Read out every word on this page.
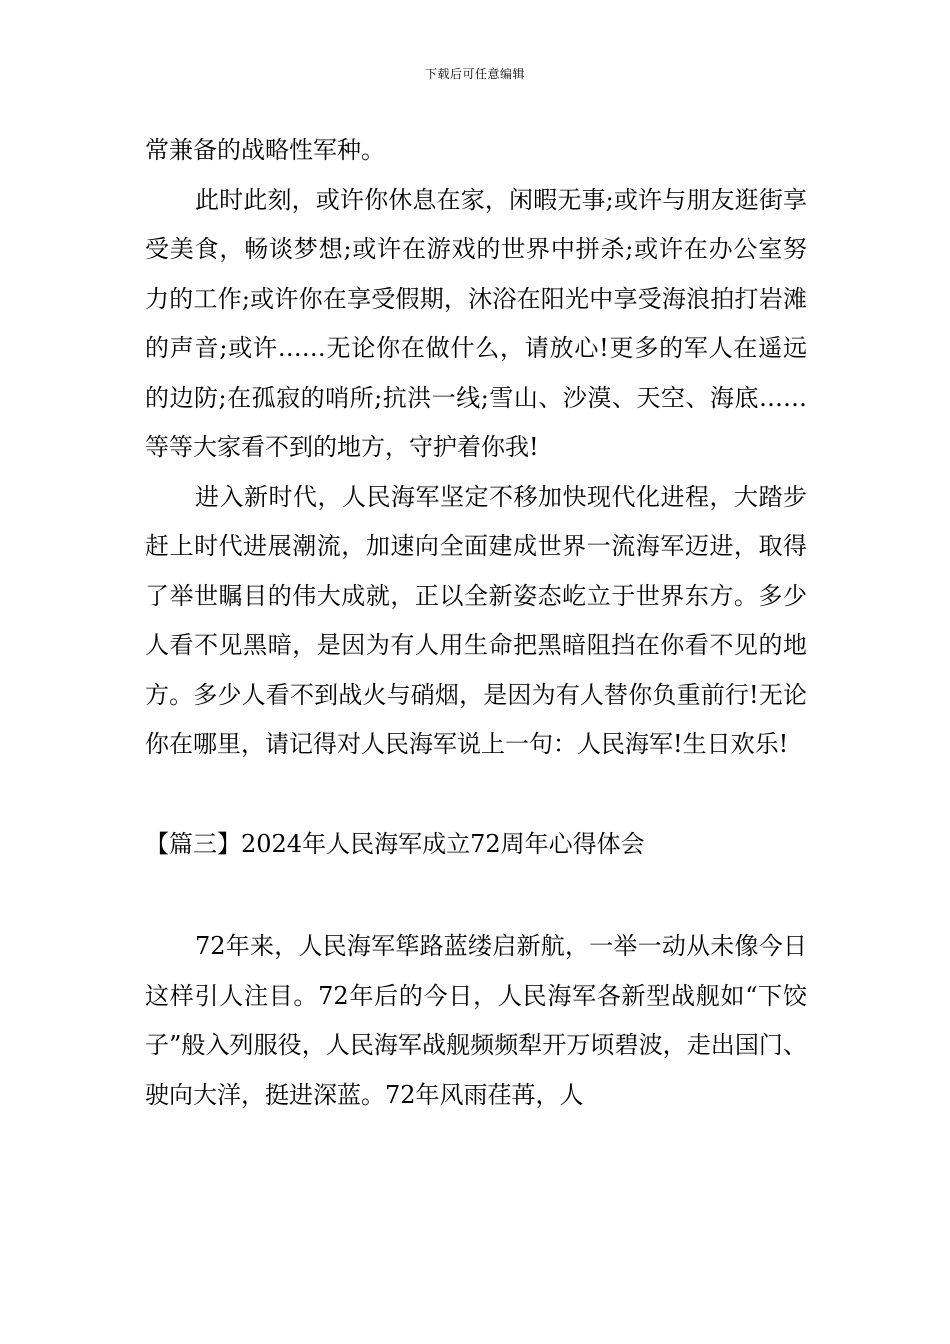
下载后可任意编辑

常兼备的战略性军种。

此时此刻，或许你休息在家，闲暇无事;或许与朋友逛街享受美食，畅谈梦想;或许在游戏的世界中拼杀;或许在办公室努力的工作;或许你在享受假期，沐浴在阳光中享受海浪拍打岩滩的声音;或许……无论你在做什么，请放心!更多的军人在遥远的边防;在孤寂的哨所;抗洪一线;雪山、沙漠、天空、海底……等等大家看不到的地方，守护着你我!

进入新时代，人民海军坚定不移加快现代化进程，大踏步赶上时代进展潮流，加速向全面建成世界一流海军迈进，取得了举世瞩目的伟大成就，正以全新姿态屹立于世界东方。多少人看不见黑暗，是因为有人用生命把黑暗阻挡在你看不见的地方。多少人看不到战火与硝烟，是因为有人替你负重前行!无论你在哪里，请记得对人民海军说上一句：人民海军!生日欢乐!

【篇三】2024年人民海军成立72周年心得体会

72年来，人民海军筚路蓝缕启新航，一举一动从未像今日这样引人注目。72年后的今日，人民海军各新型战舰如“下饺子”般入列服役，人民海军战舰频频犁开万顷碧波，走出国门、驶向大洋，挺进深蓝。72年风雨荏苒，人
